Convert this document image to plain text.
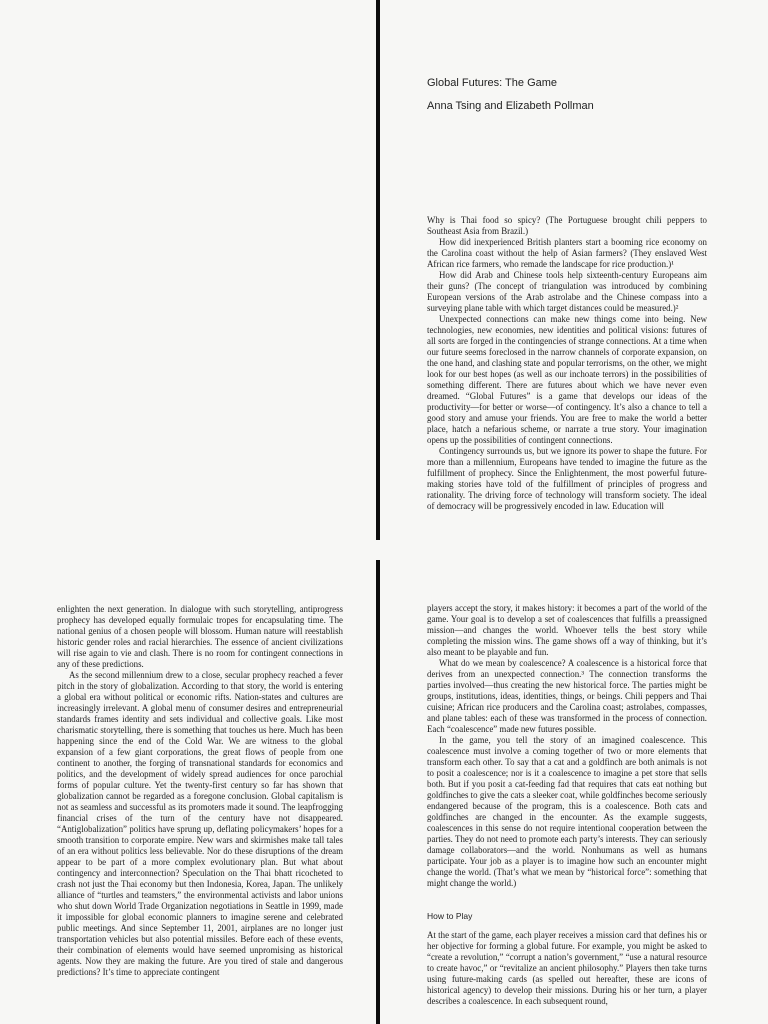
Global Futures: The Game
Anna Tsing and Elizabeth Pollman

Why is Thai food so spicy? (The Portuguese brought chili peppers to Southeast Asia from Brazil.)

How did inexperienced British planters start a booming rice economy on the Carolina coast without the help of Asian farmers? (They enslaved West African rice farmers, who remade the landscape for rice production.)¹

How did Arab and Chinese tools help sixteenth-century Europeans aim their guns? (The concept of triangulation was introduced by combining European versions of the Arab astrolabe and the Chinese compass into a surveying plane table with which target distances could be measured.)²

Unexpected connections can make new things come into being. New technologies, new economies, new identities and political visions: futures of all sorts are forged in the contingencies of strange connections. At a time when our future seems foreclosed in the narrow channels of corporate expansion, on the one hand, and clashing state and popular terrorisms, on the other, we might look for our best hopes (as well as our inchoate terrors) in the possibilities of something different. There are futures about which we have never even dreamed. “Global Futures” is a game that develops our ideas of the productivity—for better or worse—of contingency. It’s also a chance to tell a good story and amuse your friends. You are free to make the world a better place, hatch a nefarious scheme, or narrate a true story. Your imagination opens up the possibilities of contingent connections.

Contingency surrounds us, but we ignore its power to shape the future. For more than a millennium, Europeans have tended to imagine the future as the fulfillment of prophecy. Since the Enlightenment, the most powerful future-making stories have told of the fulfillment of principles of progress and rationality. The driving force of technology will transform society. The ideal of democracy will be progressively encoded in law. Education will

enlighten the next generation. In dialogue with such storytelling, antiprogress prophecy has developed equally formulaic tropes for encapsulating time. The national genius of a chosen people will blossom. Human nature will reestablish historic gender roles and racial hierarchies. The essence of ancient civilizations will rise again to vie and clash. There is no room for contingent connections in any of these predictions.

As the second millennium drew to a close, secular prophecy reached a fever pitch in the story of globalization. According to that story, the world is entering a global era without political or economic rifts. Nation-states and cultures are increasingly irrelevant. A global menu of consumer desires and entrepreneurial standards frames identity and sets individual and collective goals. Like most charismatic storytelling, there is something that touches us here. Much has been happening since the end of the Cold War. We are witness to the global expansion of a few giant corporations, the great flows of people from one continent to another, the forging of transnational standards for economics and politics, and the development of widely spread audiences for once parochial forms of popular culture. Yet the twenty-first century so far has shown that globalization cannot be regarded as a foregone conclusion. Global capitalism is not as seamless and successful as its promoters made it sound. The leapfrogging financial crises of the turn of the century have not disappeared. “Antiglobalization” politics have sprung up, deflating policymakers’ hopes for a smooth transition to corporate empire. New wars and skirmishes make tall tales of an era without politics less believable. Nor do these disruptions of the dream appear to be part of a more complex evolutionary plan. But what about contingency and interconnection? Speculation on the Thai bhatt ricocheted to crash not just the Thai economy but then Indonesia, Korea, Japan. The unlikely alliance of “turtles and teamsters,” the environmental activists and labor unions who shut down World Trade Organization negotiations in Seattle in 1999, made it impossible for global economic planners to imagine serene and celebrated public meetings. And since September 11, 2001, airplanes are no longer just transportation vehicles but also potential missiles. Before each of these events, their combination of elements would have seemed unpromising as historical agents. Now they are making the future. Are you tired of stale and dangerous predictions? It’s time to appreciate contingent

players accept the story, it makes history: it becomes a part of the world of the game. Your goal is to develop a set of coalescences that fulfills a preassigned mission—and changes the world. Whoever tells the best story while completing the mission wins. The game shows off a way of thinking, but it’s also meant to be playable and fun.

What do we mean by coalescence? A coalescence is a historical force that derives from an unexpected connection.³ The connection transforms the parties involved—thus creating the new historical force. The parties might be groups, institutions, ideas, identities, things, or beings. Chili peppers and Thai cuisine; African rice producers and the Carolina coast; astrolabes, compasses, and plane tables: each of these was transformed in the process of connection. Each “coalescence” made new futures possible.

In the game, you tell the story of an imagined coalescence. This coalescence must involve a coming together of two or more elements that transform each other. To say that a cat and a goldfinch are both animals is not to posit a coalescence; nor is it a coalescence to imagine a pet store that sells both. But if you posit a cat-feeding fad that requires that cats eat nothing but goldfinches to give the cats a sleeker coat, while goldfinches become seriously endangered because of the program, this is a coalescence. Both cats and goldfinches are changed in the encounter. As the example suggests, coalescences in this sense do not require intentional cooperation between the parties. They do not need to promote each party’s interests. They can seriously damage collaborators—and the world. Nonhumans as well as humans participate. Your job as a player is to imagine how such an encounter might change the world. (That’s what we mean by “historical force”: something that might change the world.)

How to Play

At the start of the game, each player receives a mission card that defines his or her objective for forming a global future. For example, you might be asked to “create a revolution,” “corrupt a nation’s government,” “use a natural resource to create havoc,” or “revitalize an ancient philosophy.” Players then take turns using future-making cards (as spelled out hereafter, these are icons of historical agency) to develop their missions. During his or her turn, a player describes a coalescence. In each subsequent round,
